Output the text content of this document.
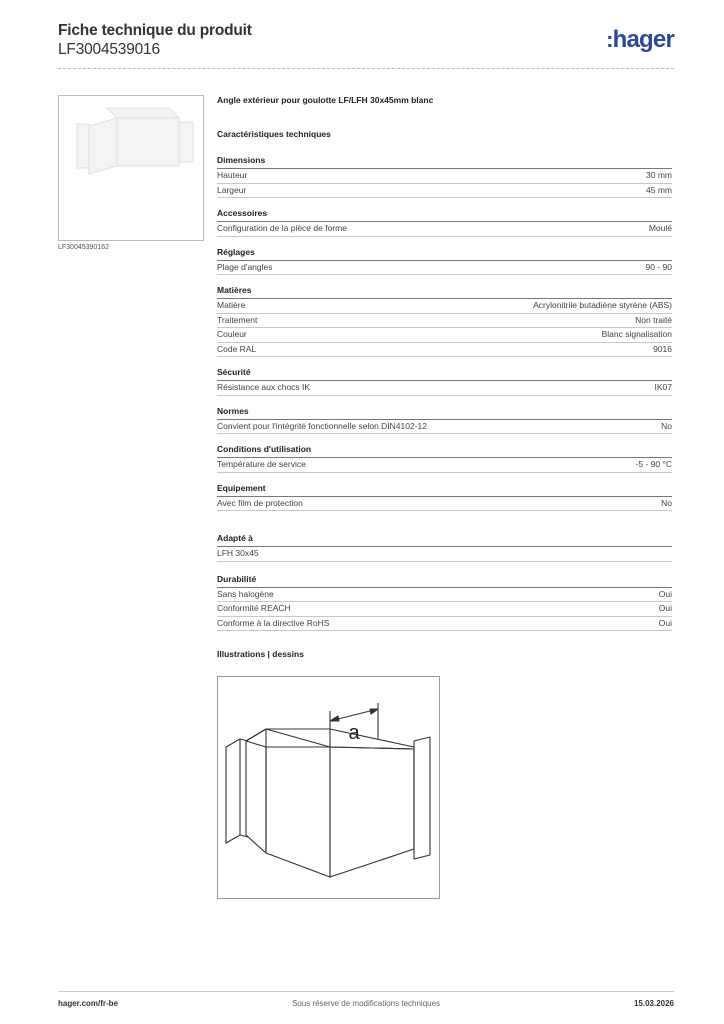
Fiche technique du produit
LF3004539016	:hager
LF30045390162
Angle extérieur pour goulotte LF/LFH 30x45mm blanc
Caractéristiques techniques
Dimensions
Hauteur	30 mm
Largeur	45 mm
Accessoires
Configuration de la pièce de forme	Moulé
Réglages
Plage d'angles	90 - 90
Matières
Matière	Acrylonitrile butadiène styrène (ABS)
Traitement	Non traité
Couleur	Blanc signalisation
Code RAL	9016
Sécurité
Résistance aux chocs IK	IK07
Normes
Convient pour l'intégrité fonctionnelle selon DIN4102-12	No
Conditions d'utilisation
Température de service	-5 - 90 °C
Equipement
Avec film de protection	No
Adapté à
LFH 30x45
Durabilité
Sans halogène	Oui
Conformité REACH	Oui
Conforme à la directive RoHS	Oui
Illustrations | dessins
a
hager.com/fr-be	Sous réserve de modifications techniques	15.03.2026
